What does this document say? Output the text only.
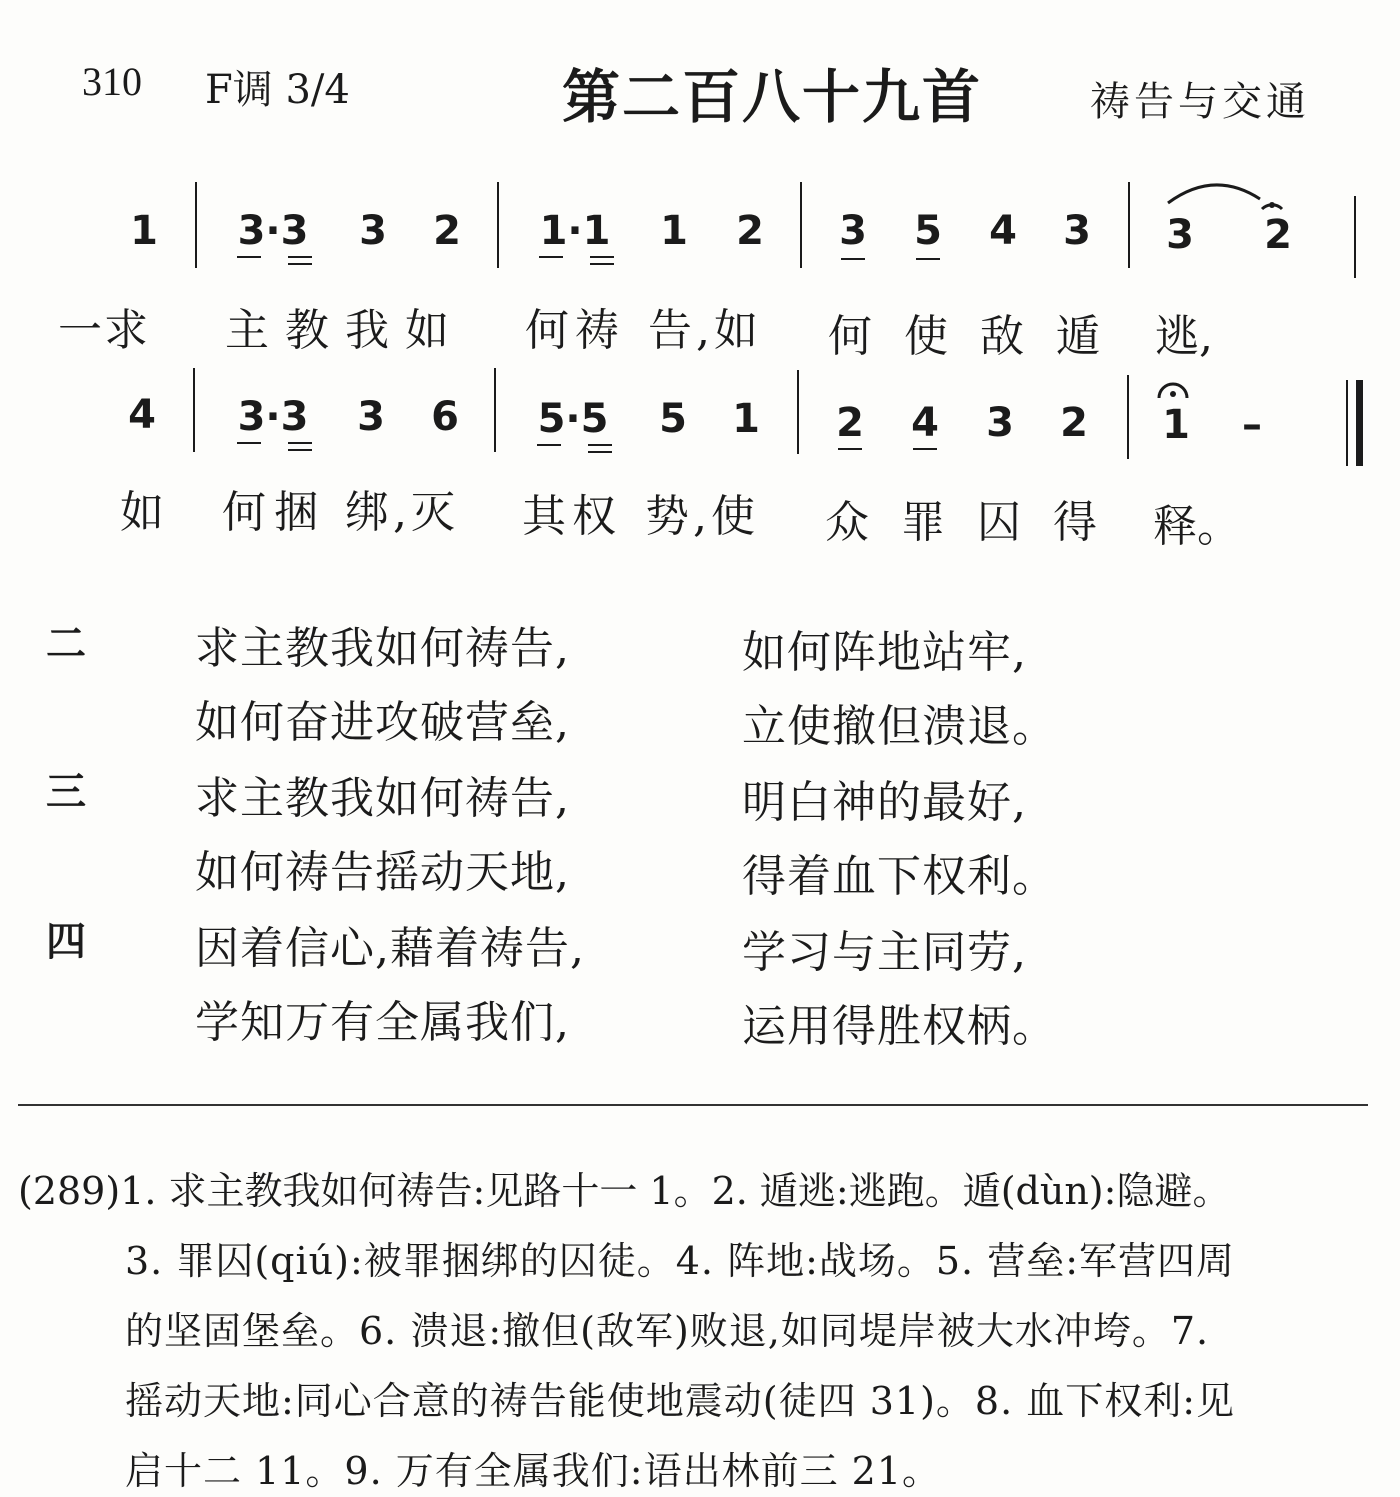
310 F调 3/4	第二百八十九首	祷告与交通
1 3·3 3 2 1·1 1 2 3 5 4 3 3 2
一求 主教我如 何祷 告,如 何使敌遁 逃,
4 3·3 3 6 5·5 5 1 2 4 3 2 1 –
如 何捆 绑,灭 其权 势,使 众罪囚得 释。
二 求主教我如何祷告,	如何阵地站牢,
如何奋进攻破营垒,	立使撤但溃退。
三 求主教我如何祷告,	明白神的最好,
如何祷告摇动天地,	得着血下权利。
四 因着信心,藉着祷告,	学习与主同劳,
学知万有全属我们,	运用得胜权柄。
(289)1. 求主教我如何祷告:见路十一 1。2. 遁逃:逃跑。遁(dùn):隐避。
3. 罪囚(qiú):被罪捆绑的囚徒。4. 阵地:战场。5. 营垒:军营四周
的坚固堡垒。6. 溃退:撤但(敌军)败退,如同堤岸被大水冲垮。7.
摇动天地:同心合意的祷告能使地震动(徒四 31)。8. 血下权利:见
启十二 11。9. 万有全属我们:语出林前三 21。
